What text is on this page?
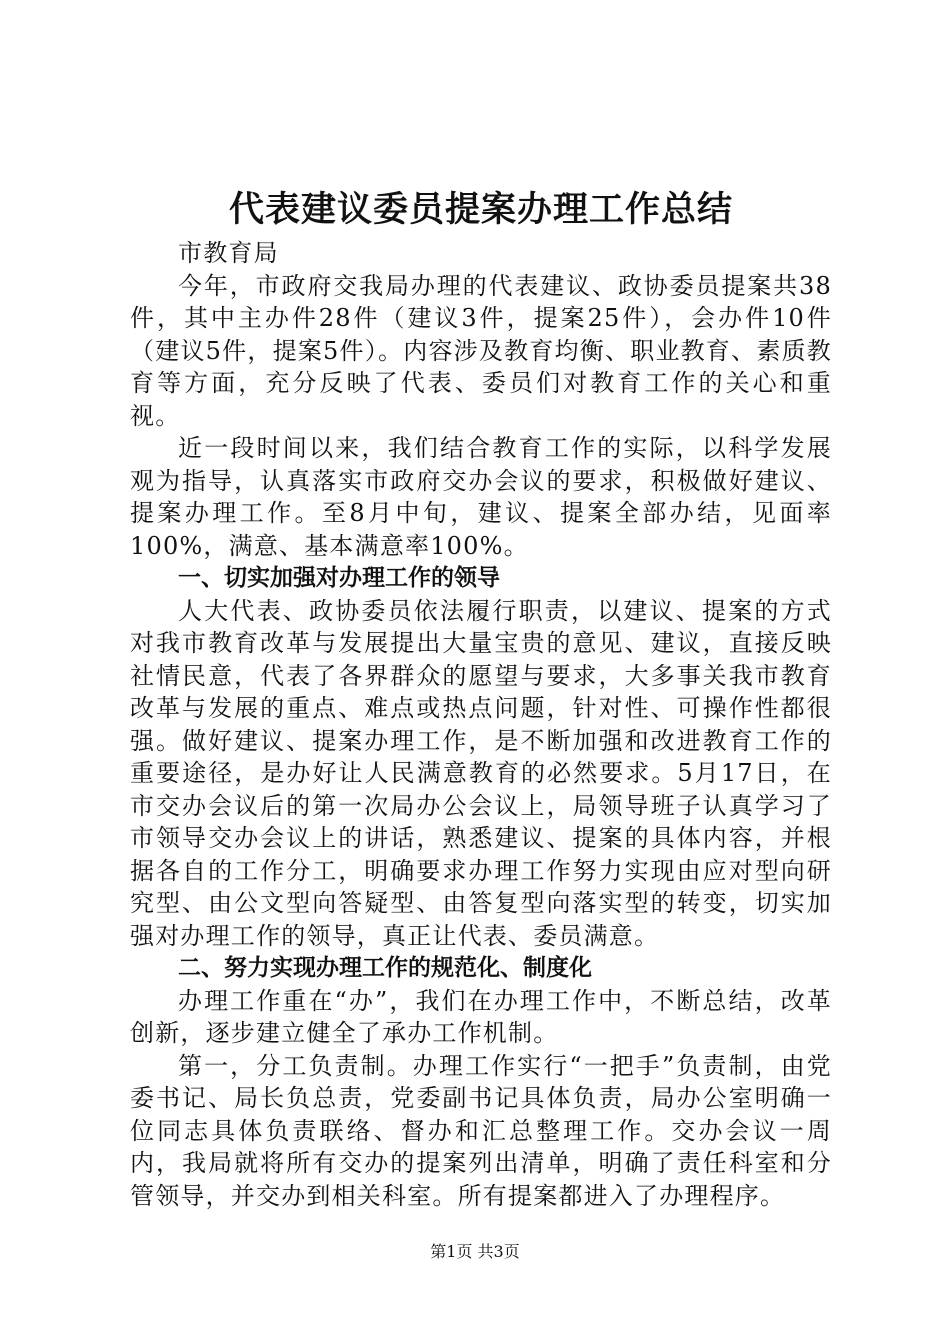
代表建议委员提案办理工作总结

市教育局

今年，市政府交我局办理的代表建议、政协委员提案共38件，其中主办件28件（建议3件，提案25件），会办件10件（建议5件，提案5件）。内容涉及教育均衡、职业教育、素质教育等方面，充分反映了代表、委员们对教育工作的关心和重视。

近一段时间以来，我们结合教育工作的实际，以科学发展观为指导，认真落实市政府交办会议的要求，积极做好建议、提案办理工作。至8月中旬，建议、提案全部办结，见面率100%，满意、基本满意率100%。

一、切实加强对办理工作的领导

人大代表、政协委员依法履行职责，以建议、提案的方式对我市教育改革与发展提出大量宝贵的意见、建议，直接反映社情民意，代表了各界群众的愿望与要求，大多事关我市教育改革与发展的重点、难点或热点问题，针对性、可操作性都很强。做好建议、提案办理工作，是不断加强和改进教育工作的重要途径，是办好让人民满意教育的必然要求。5月17日，在市交办会议后的第一次局办公会议上，局领导班子认真学习了市领导交办会议上的讲话，熟悉建议、提案的具体内容，并根据各自的工作分工，明确要求办理工作努力实现由应对型向研究型、由公文型向答疑型、由答复型向落实型的转变，切实加强对办理工作的领导，真正让代表、委员满意。

二、努力实现办理工作的规范化、制度化

办理工作重在“办”，我们在办理工作中，不断总结，改革创新，逐步建立健全了承办工作机制。

第一，分工负责制。办理工作实行“一把手”负责制，由党委书记、局长负总责，党委副书记具体负责，局办公室明确一位同志具体负责联络、督办和汇总整理工作。交办会议一周内，我局就将所有交办的提案列出清单，明确了责任科室和分管领导，并交办到相关科室。所有提案都进入了办理程序。

第1页 共3页
